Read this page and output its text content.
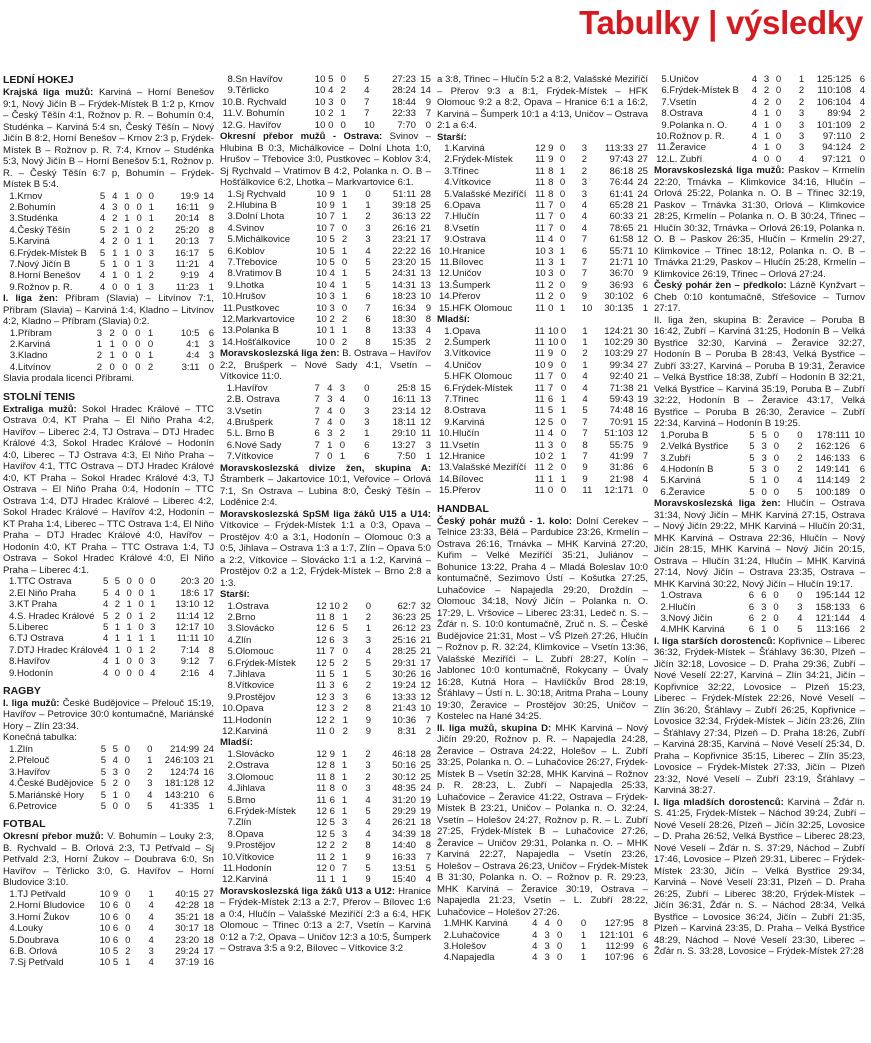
Tabulky | výsledky
LEDNÍ HOKEJ

Krajská liga mužů: Karviná – Horní Benešov 9:1, Nový Jičín B – Frýdek-Místek B 1:2 p, Krnov – Český Těšín 4:1, Rožnov p. R. – Bohumín 0:4, Studénka – Karviná 5:4 sn, Český Těšín – Nový Jičín B 8:2, Horní Benešov – Krnov 2:3 p, Frýdek-Místek B – Rožnov p. R. 7:4, Krnov – Studénka 5:3, Nový Jičín B – Horní Benešov 5:1, Rožnov p. R. – Český Těšín 6:7 p, Bohumín – Frýdek-Místek B 5:4.

1.	Krnov	5	4	1	0	0	19:9	14
2.	Bohumín	4	3	0	0	1	16:11	9
3.	Studénka	4	2	1	0	1	20:14	8
4.	Český Těšín	5	2	1	0	2	25:20	8
5.	Karviná	4	2	0	1	1	20:13	7
6.	Frýdek-Místek B	5	1	1	0	3	16:17	5
7.	Nový Jičín B	5	1	0	1	3	11:21	4
8.	Horní Benešov	4	1	0	1	2	9:19	4
9.	Rožnov p. R.	4	0	0	1	3	11:23	1

I. liga žen: Příbram (Slavia) – Litvínov 7:1, Příbram (Slavia) – Karviná 1:4, Kladno – Litvínov 4:2, Kladno – Příbram (Slavia) 0:2.

1.	Příbram	3	2	0	0	1	10:5	6
2.	Karviná	1	1	0	0	0	4:1	3
3.	Kladno	2	1	0	0	1	4:4	3
4.	Litvínov	2	0	0	0	2	3:11	0

Slavia prodala licenci Příbrami.

STOLNÍ TENIS

Extraliga mužů: Sokol Hradec Králové – TTC Ostrava 0:4, KT Praha – El Niňo Praha 4:2, Havířov – Liberec 2:4, TJ Ostrava – DTJ Hradec Králové 4:3, Sokol Hradec Králové – Hodonín 4:0, Liberec – TJ Ostrava 4:3, El Niňo Praha – Havířov 4:1, TTC Ostrava – DTJ Hradec Králové 4:0, KT Praha – Sokol Hradec Králové 4:3, TJ Ostrava – El Niňo Praha 0:4, Hodonín – TTC Ostrava 1:4, DTJ Hradec Králové – Liberec 4:2, Sokol Hradec Králové – Havířov 4:2, Hodonín – KT Praha 1:4, Liberec – TTC Ostrava 1:4, El Niňo Praha – DTJ Hradec Králové 4:0, Havířov – Hodonín 4:0, KT Praha – TTC Ostrava 1:4, TJ Ostrava – Sokol Hradec Králové 4:0, El Niňo Praha – Liberec 4:1.

1.	TTC Ostrava	5	5	0	0	0	20:3	20
2.	El Niňo Praha	5	4	0	0	1	18:6	17
3.	KT Praha	4	2	1	0	1	13:10	12
4.	S. Hradec Králové	5	2	0	1	2	11:14	12
5.	Liberec	5	1	1	0	3	12:17	10
6.	TJ Ostrava	4	1	1	1	1	11:11	10
7.	DTJ Hradec Králové	4	1	0	1	2	7:14	8
8.	Havířov	4	1	0	0	3	9:12	7
9.	Hodonín	4	0	0	0	4	2:16	4
RAGBY

I. liga mužů: České Budějovice – Přelouč 15:19, Havířov – Petrovice 30:0 kontumačně, Mariánské Hory – Zlín 23:34.

Konečná tabulka:

1.	Zlín	5	5	0		0	214:99	24
2.	Přelouč	5	4	0		1	246:103	21
3.	Havířov	5	3	0		2	124:74	16
4.	České Budějovice	5	2	0		3	181:128	12
5.	Mariánské Hory	5	1	0		4	143:210	6
6.	Petrovice	5	0	0		5	41:335	1
FOTBAL

Okresní přebor mužů: V. Bohumín – Louky 2:3, B. Rychvald – B. Orlová 2:3, TJ Petřvald – Sj Petřvald 2:3, Horní Žukov – Doubrava 6:0, Sn Havířov – Těrlicko 3:0, G. Havířov – Horní Bludovice 3:10.

1.	TJ Petřvald	10	9	0		1	40:15	27
2.	Horní Bludovice	10	6	0		4	42:28	18
3.	Horní Žukov	10	6	0		4	35:21	18
4.	Louky	10	6	0		4	30:17	18
5.	Doubrava	10	6	0		4	23:20	18
6.	B. Orlová	10	5	2		3	29:24	17
7.	Sj Petřvald	10	5	1		4	37:19	16
8.	Sn Havířov	10	5	0		5	27:23	15
9.	Těrlicko	10	4	2		4	28:24	14
10.	B. Rychvald	10	3	0		7	18:44	9
11.	V. Bohumín	10	2	1		7	22:33	7
12.	G. Havířov	10	0	0		10	7:70	0

Okresní přebor mužů - Ostrava: Svinov – Hlubina B 0:3, Michálkovice – Dolní Lhota 1:0, Hrušov – Třebovice 3:0, Pustkovec – Koblov 3:4, Sj Rychvald – Vratimov B 4:2, Polanka n. O. B – Hošťálkovice 6:2, Lhotka – Markvartovice 6:1.

1.	Sj Rychvald	10	9	1		0	51:11	28
2.	Hlubina B	10	9	1		1	39:18	25
3.	Dolní Lhota	10	7	1		2	36:13	22
4.	Svinov	10	7	0		3	26:16	21
5.	Michálkovice	10	5	2		3	23:21	17
6.	Koblov	10	5	1		4	22:22	16
7.	Třebovice	10	5	0		5	23:20	15
8.	Vratimov B	10	4	1		5	24:31	13
9.	Lhotka	10	4	1		5	14:31	13
10.	Hrušov	10	3	1		6	18:23	10
11.	Pustkovec	10	3	0		7	16:34	9
12.	Markvartovice	10	2	2		6	18:30	8
13.	Polanka B	10	1	1		8	13:33	4
14.	Hošťálkovice	10	0	2		8	15:35	2

Moravskoslezská liga žen: B. Ostrava – Havířov 2:2, Brušperk – Nové Sady 4:1, Vsetín – Vítkovice 11:0.

1.	Havířov	7	4	3		0	25:8	15
2.	B. Ostrava	7	3	4		0	16:11	13
3.	Vsetín	7	4	0		3	23:14	12
4.	Brušperk	7	4	0		3	18:11	12
5.	L. Brno B	6	3	2		1	29:10	11
6.	Nové Sady	7	1	0		6	13:27	3
7.	Vítkovice	7	0	1		6	7:50	1

Moravskoslezská divize žen, skupina A: Štramberk – Jakartovice 10:1, Veřovice – Orlová 7:1, Sn Ostrava – Lubina 8:0, Český Těšín – Loděnice 2:4.

Moravskoslezská SpSM liga žáků U15 a U14: Vítkovice – Frýdek-Místek 1:1 a 0:3, Opava – Prostějov 4:0 a 3:1, Hodonín – Olomouc 0:3 a 0:5, Jihlava – Ostrava 1:3 a 1:7, Zlín – Opava 5:0 a 2:2, Vítkovice – Slovácko 1:1 a 1:2, Karviná – Prostějov 0:2 a 1:2, Frýdek-Místek – Brno 2:8 a 1:3.

Starší:
1.	Ostrava	12	10	2		0	62:7	32
2.	Brno	11	8	1		2	36:23	25
3.	Slovácko	12	6	5		1	26:12	23
4.	Zlín	12	6	3		3	25:16	21
5.	Olomouc	11	7	0		4	28:25	21
6.	Frýdek-Místek	12	5	2		5	29:31	17
7.	Jihlava	11	5	1		5	30:26	16
8.	Vítkovice	11	3	6		2	19:24	12
9.	Prostějov	12	3	3		6	13:33	12
10.	Opava	12	3	2		8	21:43	10
11.	Hodonín	12	2	1		9	10:36	7
12.	Karviná	11	0	2		9	8:31	2
Mladší:
1.	Slovácko	12	9	1		2	46:18	28
2.	Ostrava	12	8	1		3	50:16	25
3.	Olomouc	11	8	1		2	30:12	25
4.	Jihlava	11	8	0		3	48:35	24
5.	Brno	11	6	1		4	31:20	19
6.	Frýdek-Místek	12	6	1		5	29:29	19
7.	Zlín	12	5	3		4	26:21	18
8.	Opava	12	5	3		4	34:39	18
9.	Prostějov	12	2	2		8	14:40	8
10.	Vítkovice	11	2	1		9	16:33	7
11.	Hodonín	12	0	7		5	13:51	5
12.	Karviná	11	1	1		9	15:40	4

Moravskoslezská liga žáků U13 a U12: Hranice – Frýdek-Místek 2:13 a 2:7, Přerov – Bílovec 1:6 a 0:4, Hlučín – Valašské Meziříčí 2:3 a 6:4, HFK Olomouc – Třinec 0:13 a 2:7, Vsetín – Karviná 0:12 a 7:2, Opava – Uničov 12:3 a 10:5, Šumperk – Ostrava 3:5 a 9:2, Bílovec – Vítkovice 3:2

a 3:8, Třinec – Hlučín 5:2 a 8:2, Valašské Meziříčí – Přerov 9:3 a 8:1, Frýdek-Místek – HFK Olomouc 9:2 a 8:2, Opava – Hranice 6:1 a 16:2, Karviná – Šumperk 10:1 a 4:13, Uničov – Ostrava 2:1 a 6:4.

Starší:
1.	Karviná	12	9	0		3	113:33	27
2.	Frýdek-Místek	11	9	0		2	97:43	27
3.	Třinec	11	8	1		2	86:18	25
4.	Vítkovice	11	8	0		3	76:44	24
5.	Valašské Meziříčí	11	8	0		3	61:41	24
6.	Opava	11	7	0		4	65:28	21
7.	Hlučín	11	7	0		4	60:33	21
8.	Vsetín	11	7	0		4	78:65	21
9.	Ostrava	11	4	0		7	61:58	12
10.	Hranice	10	3	1		6	55:71	10
11.	Bílovec	11	3	1		7	21:71	10
12.	Uničov	10	3	0		7	36:70	9
13.	Šumperk	11	2	0		9	36:93	6
14.	Přerov	11	2	0		9	30:102	6
15.	HFK Olomouc	11	0	1		10	30:135	1
Mladší:
1.	Opava	11	10	0		1	124:21	30
2.	Šumperk	11	10	0		1	102:29	30
3.	Vítkovice	11	9	0		2	103:29	27
4.	Uničov	10	9	0		1	99:34	27
5.	HFK Olomouc	11	7	0		4	92:40	21
6.	Frýdek-Místek	11	7	0		4	71:38	21
7.	Třinec	11	6	1		4	59:43	19
8.	Ostrava	11	5	1		5	74:48	16
9.	Karviná	12	5	0		7	70:91	15
10.	Hlučín	11	4	0		7	51:103	12
11.	Vsetín	11	3	0		8	55:75	9
12.	Hranice	10	2	1		7	41:99	7
13.	Valašské Meziříčí	11	2	0		9	31:86	6
14.	Bílovec	11	1	1		9	21:98	4
15.	Přerov	11	0	0		11	12:171	0
HANDBAL

Český pohár mužů - 1. kolo: Dolní Cerekev – Telnice 23:33, Bělá – Pardubice 23:26, Krmelín – Ostrava 26:16, Trnávka – MHK Karviná 27:20, Kuřim – Velké Meziříčí 35:21, Juliánov – Bohunice 13:22, Praha 4 – Mladá Boleslav 10:0 kontumačně, Sezimovo Ústí – Košutka 27:25, Luhačovice – Napajedla 29:20, Droždín – Olomouc 34:18, Nový Jičín – Polanka n. O. 17:29, L. Vršovice – Liberec 23:31, Ledeč n. S. – Žďár n. S. 10:0 kontumačně, Zruč n. S. – České Budějovice 21:31, Most – VŠ Plzeň 27:26, Hlučín – Rožnov p. R. 32:24, Klimkovice – Vsetín 13:36, Valašské Meziříčí – L. Zubří 28:27, Kolín – Jablonec 10:0 kontumačně, Rokycany – Úvaly 16:28, Kutná Hora – Havlíčkův Brod 28:19, Šťáhlavy – Ústí n. L. 30:18, Aritma Praha – Louny 19:30, Žeravice – Prostějov 30:25, Uničov – Kostelec na Hané 34:25.

II. liga mužů, skupina D: MHK Karviná – Nový Jičín 29:20, Rožnov p. R. – Napajedla 24:28, Žeravice – Ostrava 24:22, Holešov – L. Zubří 33:25, Polanka n. O. – Luhačovice 26:27, Frýdek-Místek B – Vsetín 32:28, MHK Karviná – Rožnov p. R. 28:23, L. Zubří – Napajedla 25:33, Luhačovice – Žeravice 41:22, Ostrava – Frýdek-Místek B 23:21, Uničov – Polanka n. O. 32:24, Vsetín – Holešov 24:27, Rožnov p. R. – L. Zubří 27:25, Frýdek-Místek B – Luhačovice 27:26, Žeravice – Uničov 29:31, Polanka n. O. – MHK Karviná 22:27, Napajedla – Vsetín 23:26, Holešov – Ostrava 26:23, Uničov – Frýdek-Místek B 31:30, Polanka n. O. – Rožnov p. R. 29:23, MHK Karviná – Žeravice 30:19, Ostrava – Napajedla 21:23, Vsetín – L. Zubří 28:22, Luhačovice – Holešov 27:26.

1.	MHK Karviná	4	4	0		0	127:95	8
2.	Luhačovice	4	3	0		1	121:101	6
3.	Holešov	4	3	0		1	112:99	6
4.	Napajedla	4	3	0		1	107:96	6
5.	Uničov	4	3	0		1	125:125	6
6.	Frýdek-Místek B	4	2	0		2	110:108	4
7.	Vsetín	4	2	0		2	106:104	4
8.	Ostrava	4	1	0		3	89:94	2
9.	Polanka n. O.	4	1	0		3	101:109	2
10.	Rožnov p. R.	4	1	0		3	97:110	2
11.	Žeravice	4	1	0		3	94:124	2
12.	L. Zubří	4	0	0		4	97:121	0

Moravskoslezská liga mužů: Paskov – Krmelín 22:20, Trnávka – Klimkovice 34:16, Hlučín – Orlová 25:22, Polanka n. O. B – Třinec 32:19, Paskov – Trnávka 31:30, Orlová – Klimkovice 28:25, Krmelín – Polanka n. O. B 30:24, Třinec – Hlučín 30:32, Trnávka – Orlová 26:19, Polanka n. O. B – Paskov 26:35, Hlučín – Krmelín 29:27, Klimkovice – Třinec 18:12, Polanka n. O. B – Trnávka 21:29, Paskov – Hlučín 25:28, Krmelín – Klimkovice 26:19, Třinec – Orlová 27:24.

Český pohár žen – předkolo: Lázně Kynžvart – Cheb 0:10 kontumačně, Střešovice – Turnov 27:17.

II. liga žen, skupina B: Žeravice – Poruba B 16:42, Zubří – Karviná 31:25, Hodonín B – Velká Bystřice 32:30, Karviná – Žeravice 32:27, Hodonín B – Poruba B 28:43, Velká Bystřice – Zubří 33:27, Karviná – Poruba B 19:31, Žeravice – Velká Bystřice 18:38, Zubří – Hodonín B 32:21, Velká Bystřice – Karviná 35:19, Poruba B – Zubří 32:22, Hodonín B – Žeravice 43:17, Velká Bystřice – Poruba B 26:30, Žeravice – Zubří 22:34, Karviná – Hodonín B 19:25.

1.	Poruba B	5	5	0		0	178:111	10
2.	Velká Bystřice	5	3	0		2	162:126	6
3.	Zubří	5	3	0		2	146:133	6
4.	Hodonín B	5	3	0		2	149:141	6
5.	Karviná	5	1	0		4	114:149	2
6.	Žeravice	5	0	0		5	100:189	0

Moravskoslezská liga žen: Hlučín – Ostrava 31:34, Nový Jičín – MHK Karviná 27:15, Ostrava – Nový Jičín 29:22, MHK Karviná – Hlučín 20:31, MHK Karviná – Ostrava 22:36, Hlučín – Nový Jičín 28:15, MHK Karviná – Nový Jičín 20:15, Ostrava – Hlučín 31:24, Hlučín – MHK Karviná 27:14, Nový Jičín – Ostrava 23:35, Ostrava – MHK Karviná 30:22, Nový Jičín – Hlučín 19:17.

1.	Ostrava	6	6	0		0	195:144	12
2.	Hlučín	6	3	0		3	158:133	6
3.	Nový Jičín	6	2	0		4	121:144	4
4.	MHK Karviná	6	1	0		5	113:166	2

I. liga starších dorostenců: Kopřivnice – Liberec 36:32, Frýdek-Místek – Šťáhlavy 36:30, Plzeň – Jičín 32:18, Lovosice – D. Praha 29:36, Zubří – Nové Veselí 22:27, Karviná – Zlín 34:21, Jičín – Kopřivnice 32:22, Lovosice – Plzeň 15:23, Liberec – Frýdek-Místek 22:26, Nové Veselí – Zlín 36:20, Šťáhlavy – Zubří 26:25, Kopřivnice – Lovosice 32:34, Frýdek-Místek – Jičín 23:26, Zlín – Šťáhlavy 27:34, Plzeň – D. Praha 18:26, Zubří – Karviná 28:35, Karviná – Nové Veselí 25:34, D. Praha – Kopřivnice 35:15, Liberec – Zlín 35:23, Lovosice – Frýdek-Místek 27:33, Jičín – Plzeň 23:32, Nové Veselí – Zubří 23:19, Šťáhlavy – Karviná 38:27.

I. liga mladších dorostenců: Karviná – Žďár n. S. 41:25, Frýdek-Místek – Náchod 39:24, Zubří – Nové Veselí 28:26, Plzeň – Jičín 32:25, Lovosice – D. Praha 26:52, Velká Bystřice – Liberec 28:23, Nové Veselí – Žďár n. S. 37:29, Náchod – Zubří 17:46, Lovosice – Plzeň 29:31, Liberec – Frýdek-Místek 23:30, Jičín – Velká Bystřice 29:34, Karviná – Nové Veselí 23:31, Plzeň – D. Praha 26:25, Zubří – Liberec 38:20, Frýdek-Místek – Jičín 36:31, Žďár n. S. – Náchod 28:34, Velká Bystřice – Lovosice 36:24, Jičín – Zubří 21:35, Plzeň – Karviná 23:35, D. Praha – Velká Bystřice 48:29, Náchod – Nové Veselí 23:30, Liberec – Žďár n. S. 33:28, Lovosice – Frýdek-Místek 27:28
